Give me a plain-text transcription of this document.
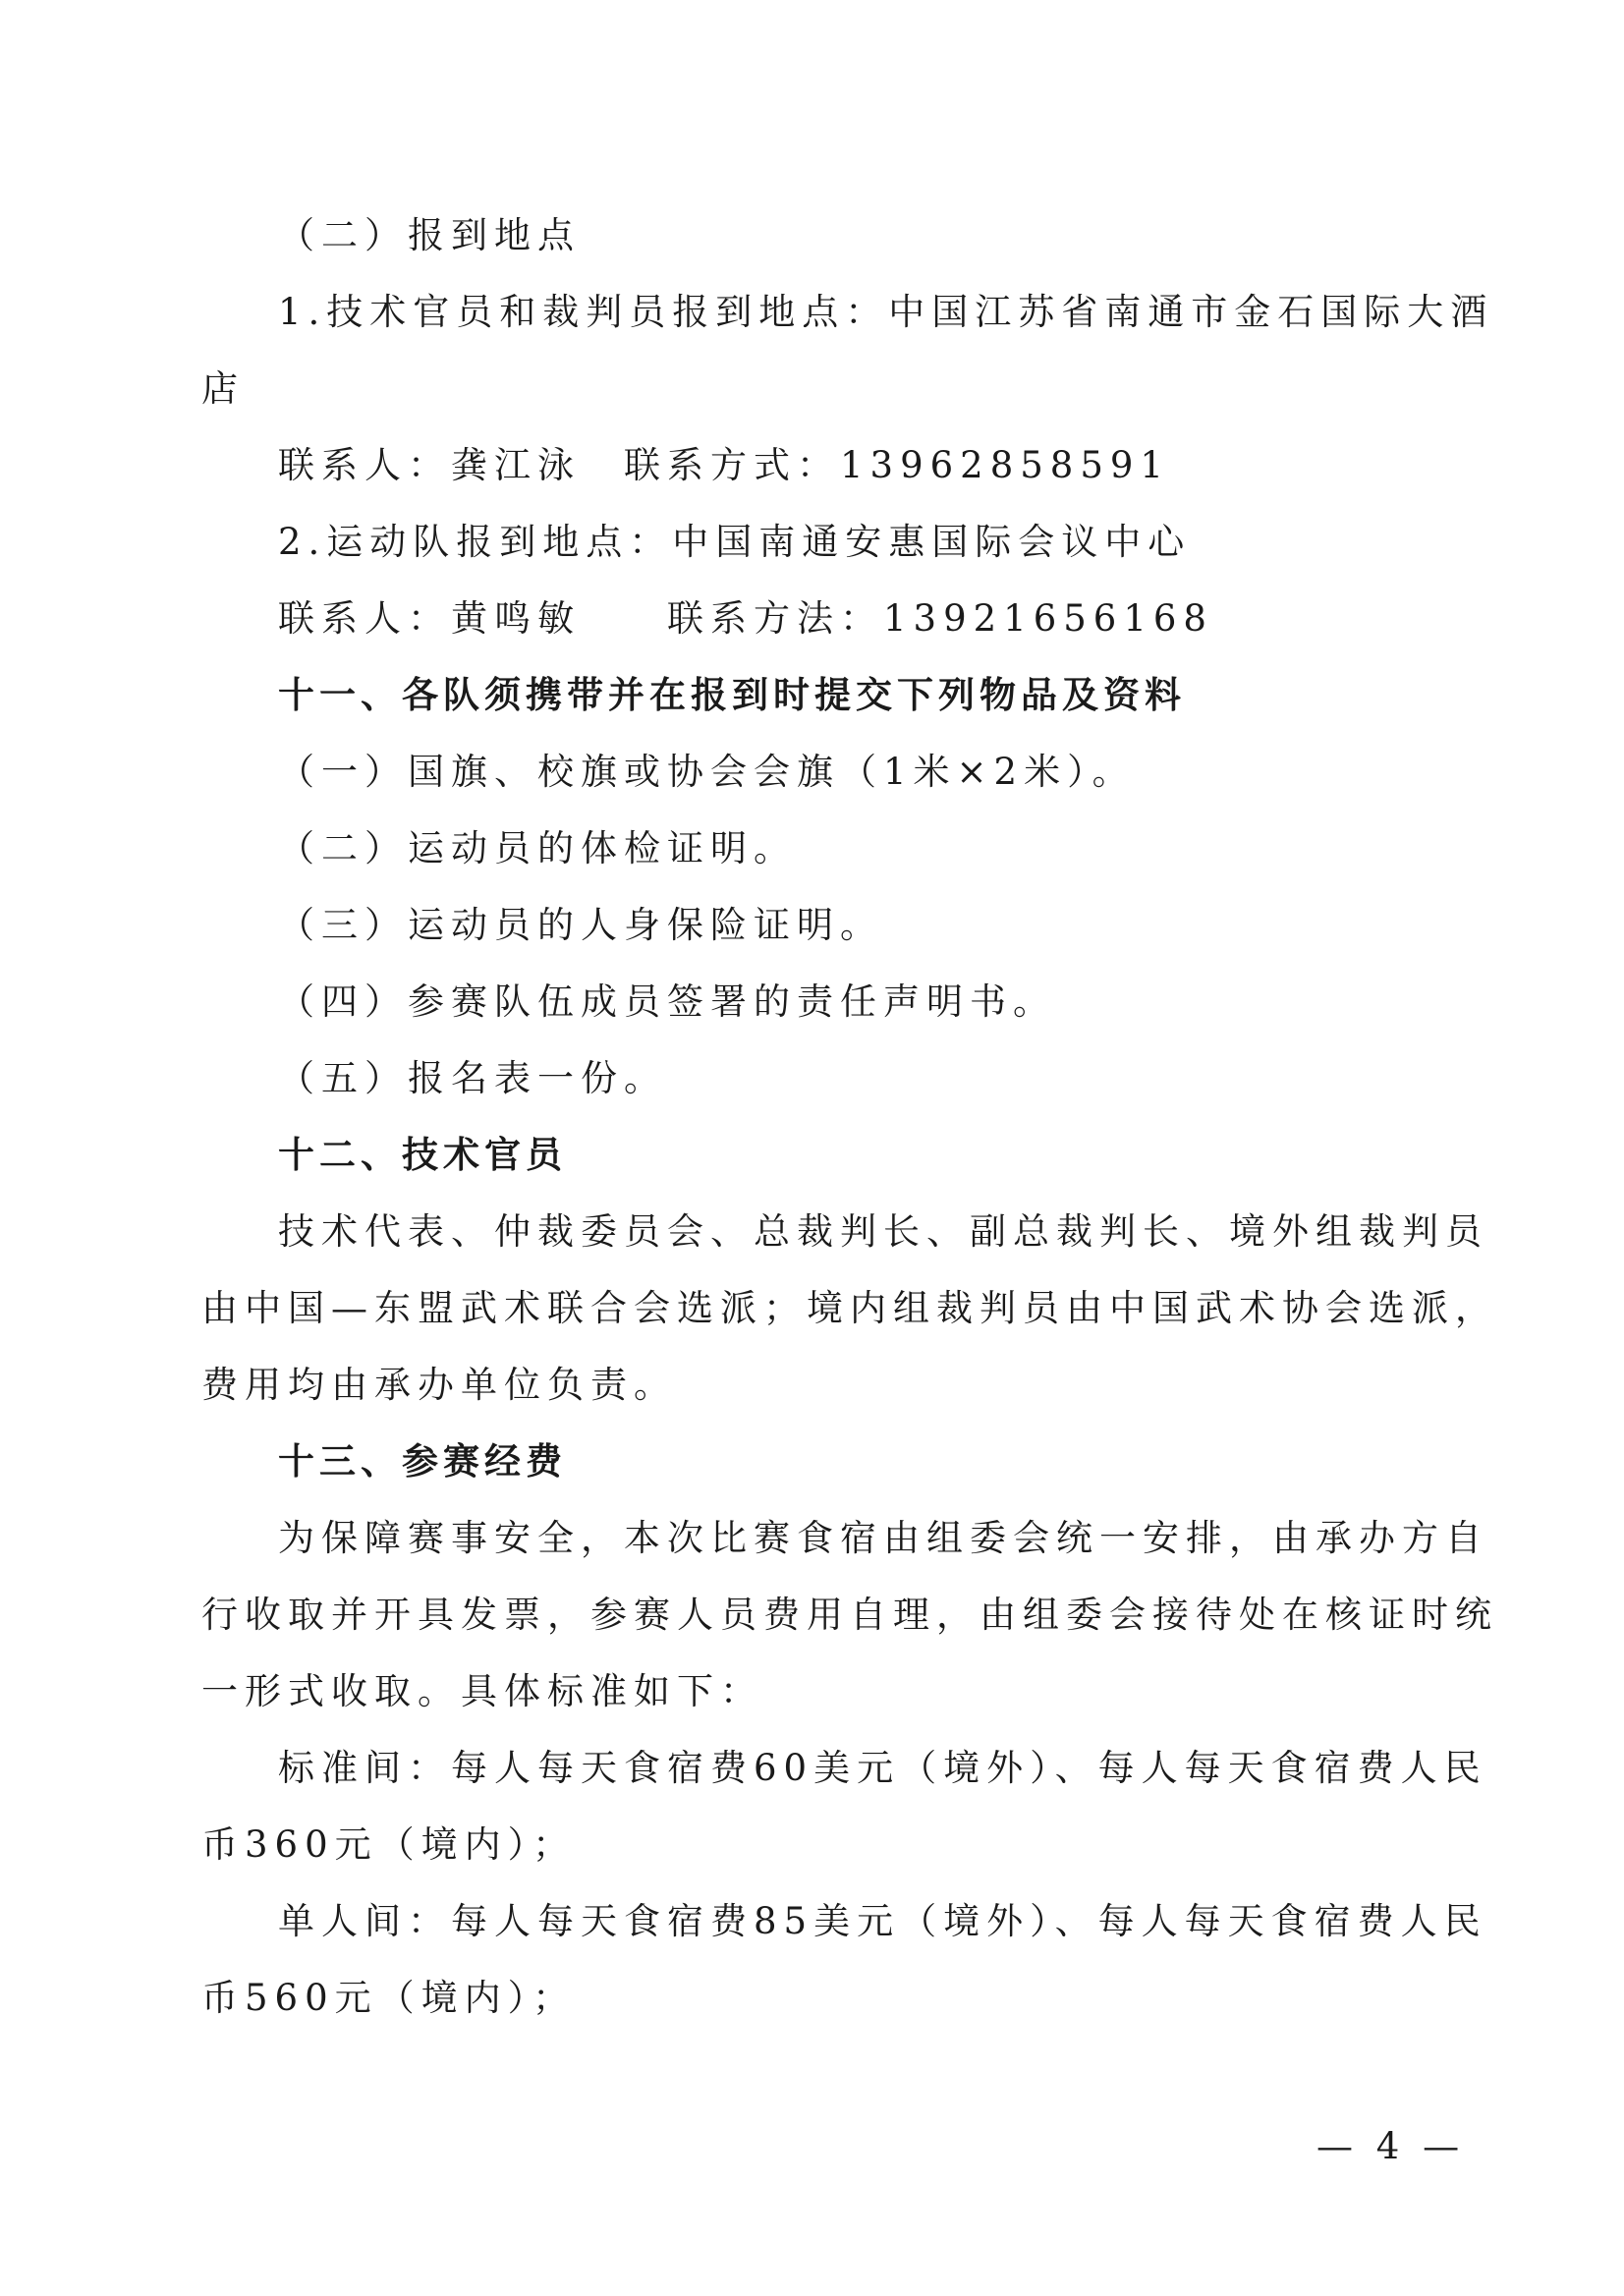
（二）报到地点
1.技术官员和裁判员报到地点：中国江苏省南通市金石国际大酒
店
联系人：龚江泳　联系方式：13962858591
2.运动队报到地点：中国南通安惠国际会议中心
联系人：黄鸣敏　　联系方法：13921656168
十一、各队须携带并在报到时提交下列物品及资料
（一）国旗、校旗或协会会旗（1米×2米）。
（二）运动员的体检证明。
（三）运动员的人身保险证明。
（四）参赛队伍成员签署的责任声明书。
（五）报名表一份。
十二、技术官员
技术代表、仲裁委员会、总裁判长、副总裁判长、境外组裁判员
由中国—东盟武术联合会选派；境内组裁判员由中国武术协会选派，
费用均由承办单位负责。
十三、参赛经费
为保障赛事安全，本次比赛食宿由组委会统一安排，由承办方自
行收取并开具发票，参赛人员费用自理，由组委会接待处在核证时统
一形式收取。具体标准如下：
标准间：每人每天食宿费60美元（境外）、每人每天食宿费人民
币360元（境内）；
单人间：每人每天食宿费85美元（境外）、每人每天食宿费人民
币560元（境内）；
— 4 —
